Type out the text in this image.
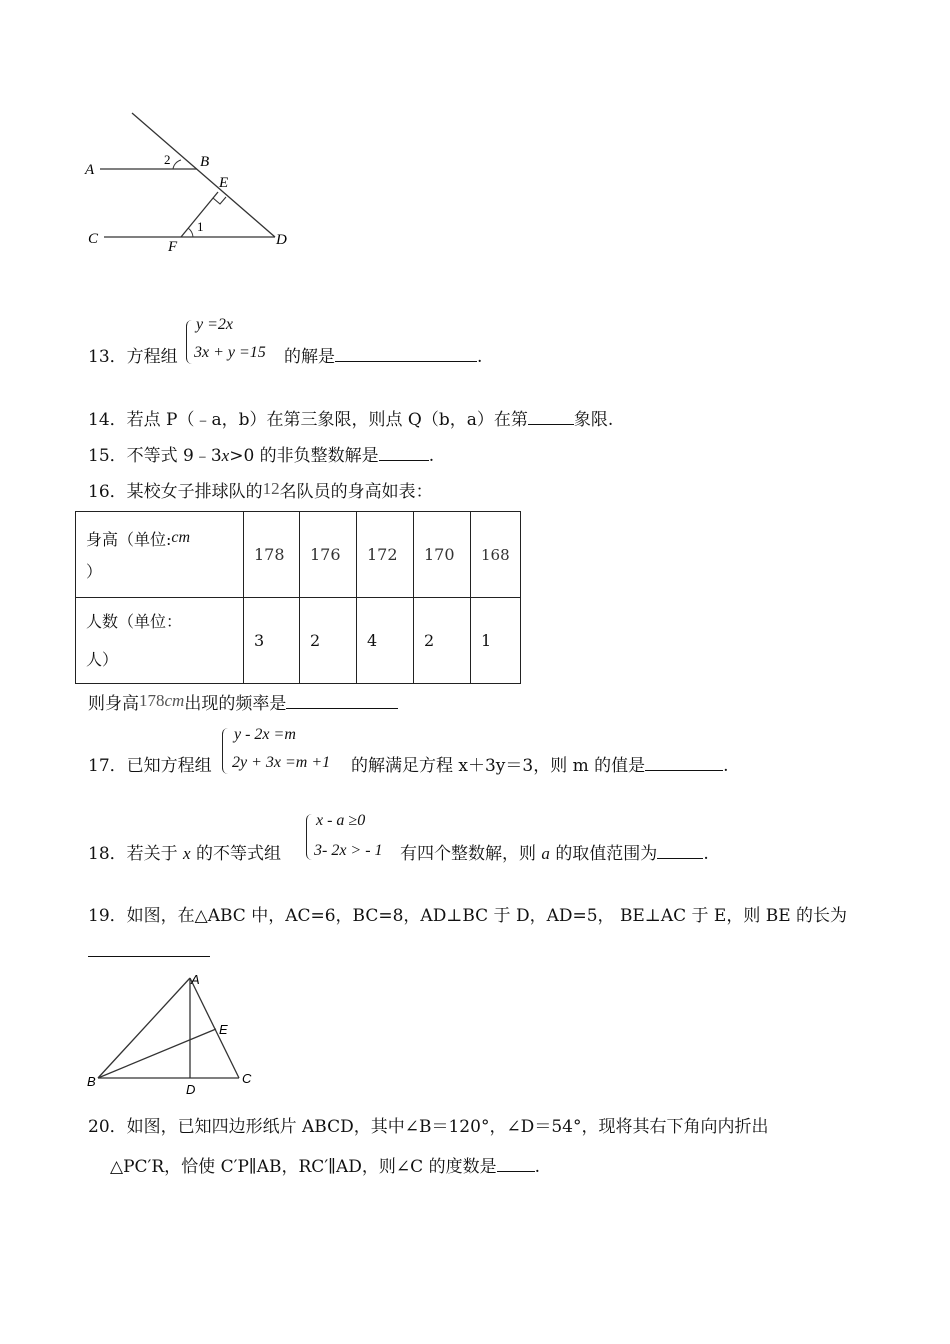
A	B
C	D
E
F
1
2
13．方程组
y =2x
3x + y =15 的解是	.
14．若点 P（﹣a，b）在第三象限，则点 Q（b，a）在第	象限.
15．不等式 9﹣3x>0 的非负整数解是	.
16．某校女子排球队的12名队员的身高如表：
身高（单位:cm
）	178	176	172	170	168
人数（单位：
人）	3	2	4	2	1
则身高178cm出现的频率是
17．已知方程组
y - 2x =m
2y + 3x =m +1 的解满足方程 x＋3y＝3，则 m 的值是	.
18．若关于 x 的不等式组
x - a ≥0
3- 2x > - 1 有四个整数解，则 a 的取值范围为	.
19．如图，在△ABC 中，AC=6，BC=8，AD⊥BC 于 D，AD=5， BE⊥AC 于 E，则 BE 的长为
A
B	C
D
E
20．如图，已知四边形纸片 ABCD，其中∠B＝120°，∠D＝54°，现将其右下角向内折出
△PC′R，恰使 C′P∥AB，RC′∥AD，则∠C 的度数是 .
